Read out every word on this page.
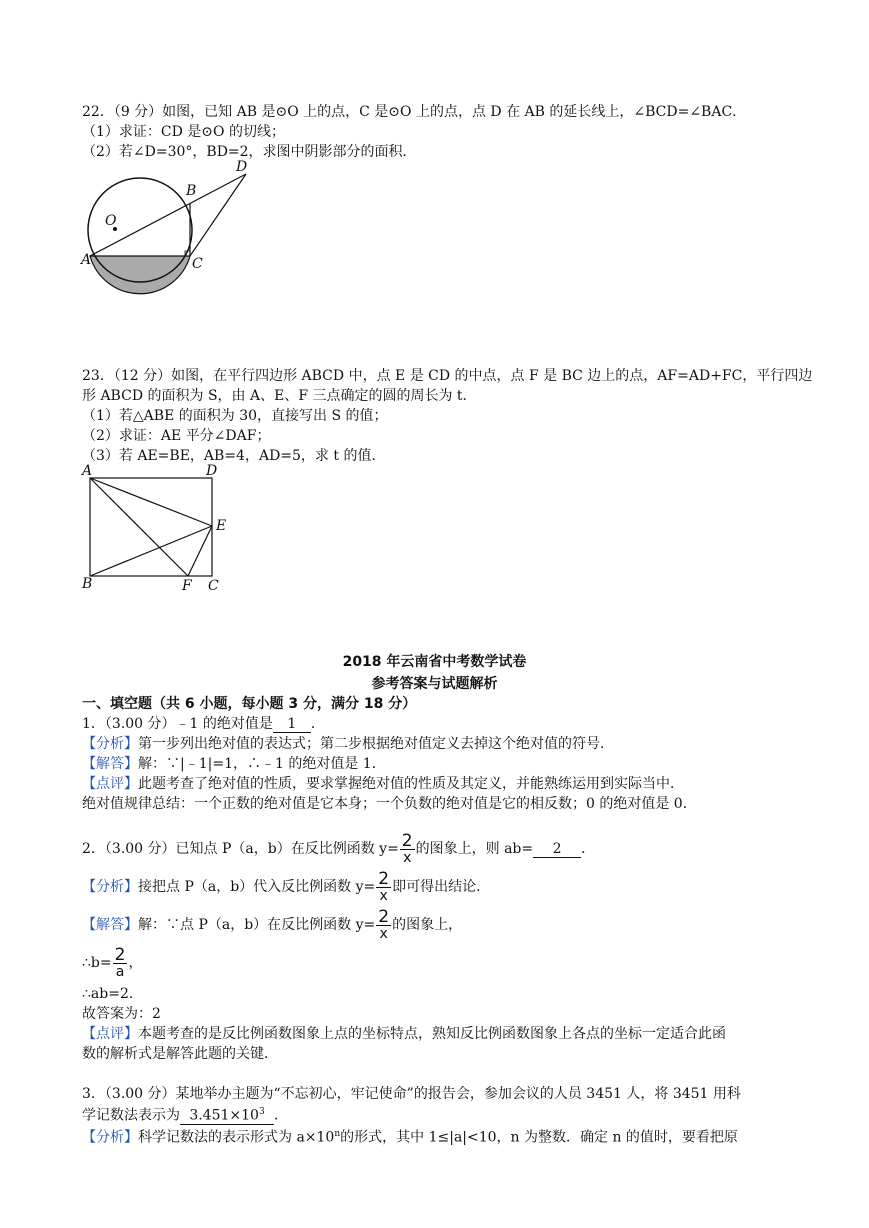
22．（9 分）如图，已知 AB 是⊙O 上的点，C 是⊙O 上的点，点 D 在 AB 的延长线上，∠BCD=∠BAC．
（1）求证：CD 是⊙O 的切线；
（2）若∠D=30°，BD=2，求图中阴影部分的面积．
O
A
B
C
D
23．（12 分）如图，在平行四边形 ABCD 中，点 E 是 CD 的中点，点 F 是 BC 边上的点，AF=AD+FC，平行四边
形 ABCD 的面积为 S，由 A、E、F 三点确定的圆的周长为 t．
（1）若△ABE 的面积为 30，直接写出 S 的值；
（2）求证：AE 平分∠DAF；
（3）若 AE=BE，AB=4，AD=5，求 t 的值．
A	D
E
B	F C
2018 年云南省中考数学试卷
参考答案与试题解析
一、填空题（共 6 小题，每小题 3 分，满分 18 分）
1．（3.00 分）﹣1 的绝对值是 1 ．
【分析】第一步列出绝对值的表达式；第二步根据绝对值定义去掉这个绝对值的符号．
【解答】解：∵|﹣1|=1，∴﹣1 的绝对值是 1．
【点评】此题考查了绝对值的性质，要求掌握绝对值的性质及其定义，并能熟练运用到实际当中．
绝对值规律总结：一个正数的绝对值是它本身；一个负数的绝对值是它的相反数；0 的绝对值是 0．
2．（3.00 分）已知点 P（a，b）在反比例函数 $y= \frac{2}{x}$ 的图象上，则 ab= 2 ．
【分析】接把点 P（a，b）代入反比例函数 $y= \frac{2}{x}$ 即可得出结论．
【解答】解：∵点 P（a，b）在反比例函数 $y= \frac{2}{x}$ 的图象上，
∴b= $\frac{2}{a}$ ，
∴ab=2．
故答案为：2
【点评】本题考查的是反比例函数图象上点的坐标特点，熟知反比例函数图象上各点的坐标一定适合此函
数的解析式是解答此题的关键．
3．（3.00 分）某地举办主题为“不忘初心，牢记使命”的报告会，参加会议的人员 3451 人，将 3451 用科
学记数法表示为 $3.451\times 10^3$ ．
【分析】科学记数法的表示形式为 $a\times 10^n$的形式，其中 1≤|a|<10，n 为整数．确定 n 的值时，要看把原
